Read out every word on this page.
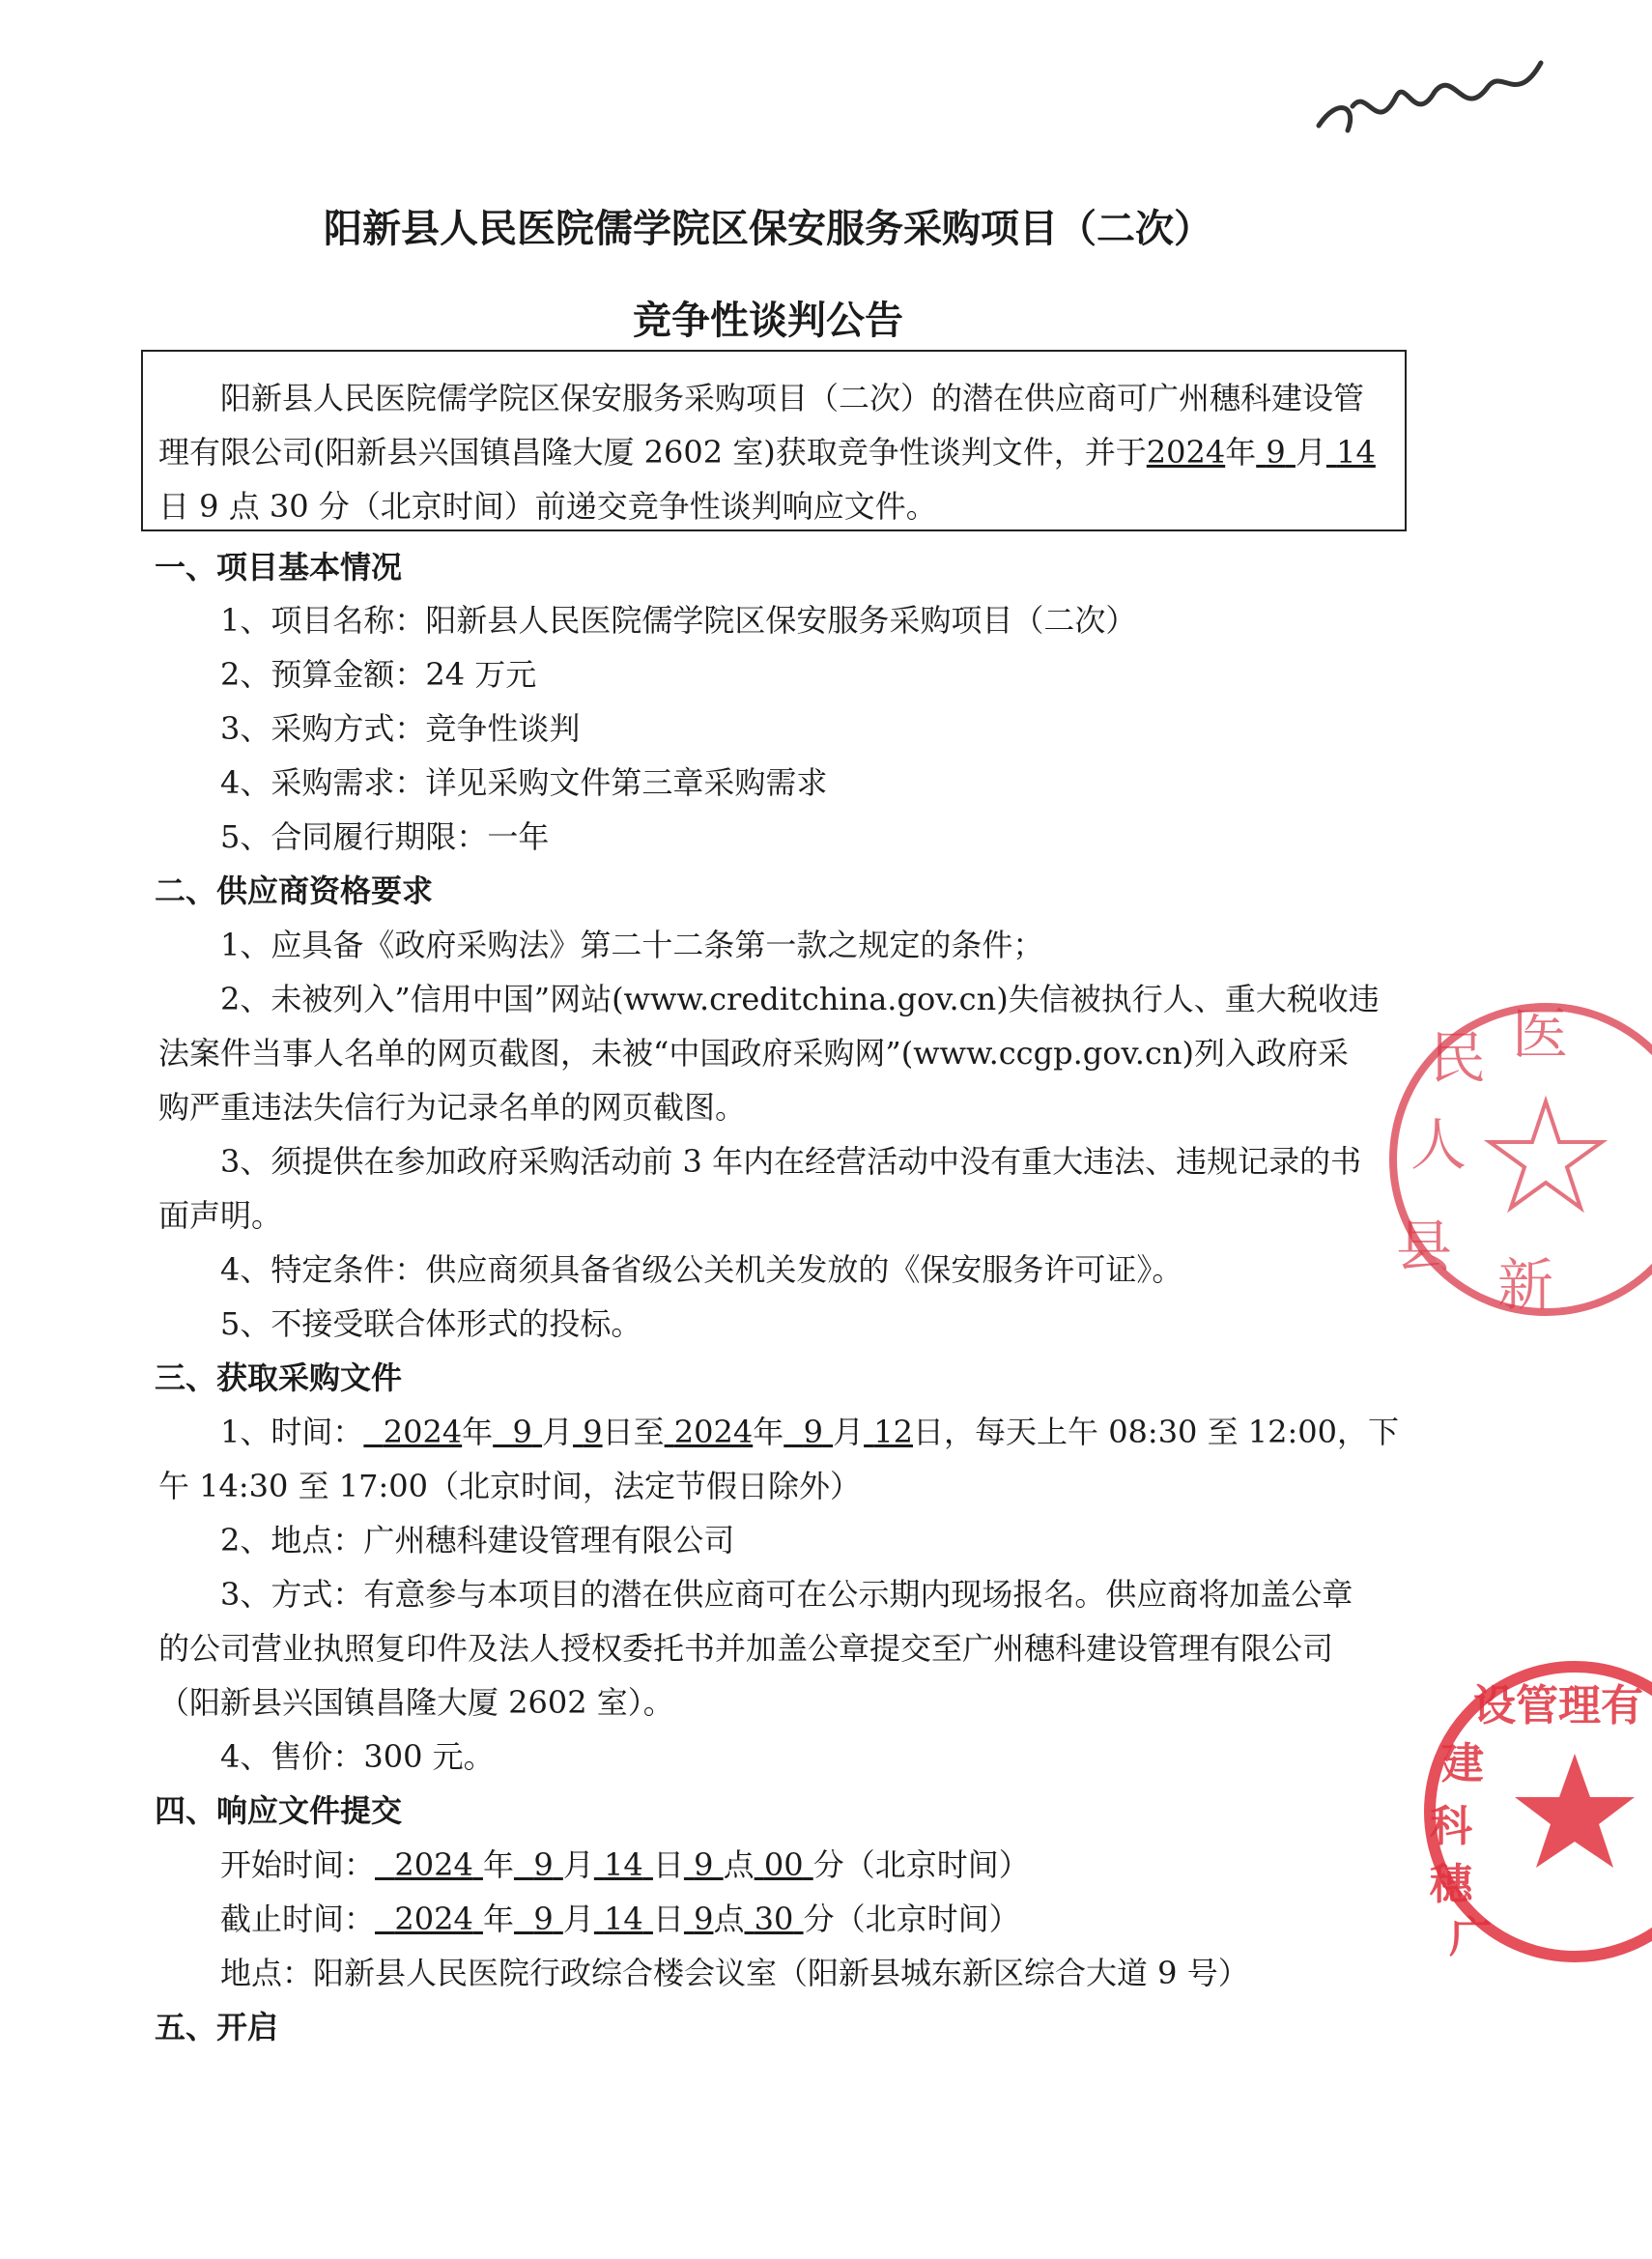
阳新县人民医院儒学院区保安服务采购项目（二次）
竞争性谈判公告
阳新县人民医院儒学院区保安服务采购项目（二次）的潜在供应商可广州穗科建设管
理有限公司(阳新县兴国镇昌隆大厦 2602 室)获取竞争性谈判文件，并于2024年 9 月 14
日 9 点 30 分（北京时间）前递交竞争性谈判响应文件。
一、项目基本情况
1、项目名称：阳新县人民医院儒学院区保安服务采购项目（二次）
2、预算金额：24 万元
3、采购方式：竞争性谈判
4、采购需求：详见采购文件第三章采购需求
5、合同履行期限：一年
二、供应商资格要求
1、应具备《政府采购法》第二十二条第一款之规定的条件；
2、未被列入”信用中国”网站(www.creditchina.gov.cn)失信被执行人、重大税收违
法案件当事人名单的网页截图，未被“中国政府采购网”(www.ccgp.gov.cn)列入政府采
购严重违法失信行为记录名单的网页截图。
3、须提供在参加政府采购活动前 3 年内在经营活动中没有重大违法、违规记录的书
面声明。
4、特定条件：供应商须具备省级公关机关发放的《保安服务许可证》。
5、不接受联合体形式的投标。
三、获取采购文件
1、时间： 2024年 9 月 9日至 2024年 9 月 12日，每天上午 08:30 至 12:00，下
午 14:30 至 17:00（北京时间，法定节假日除外）
2、地点：广州穗科建设管理有限公司
3、方式：有意参与本项目的潜在供应商可在公示期内现场报名。供应商将加盖公章
的公司营业执照复印件及法人授权委托书并加盖公章提交至广州穗科建设管理有限公司
（阳新县兴国镇昌隆大厦 2602 室）。
4、售价：300 元。
四、响应文件提交
开始时间： 2024 年 9 月 14 日 9 点 00 分（北京时间）
截止时间： 2024 年 9 月 14 日 9点 30 分（北京时间）
地点：阳新县人民医院行政综合楼会议室（阳新县城东新区综合大道 9 号）
五、开启
民 医
人
县
新
设管理有
建
科
穗
广
